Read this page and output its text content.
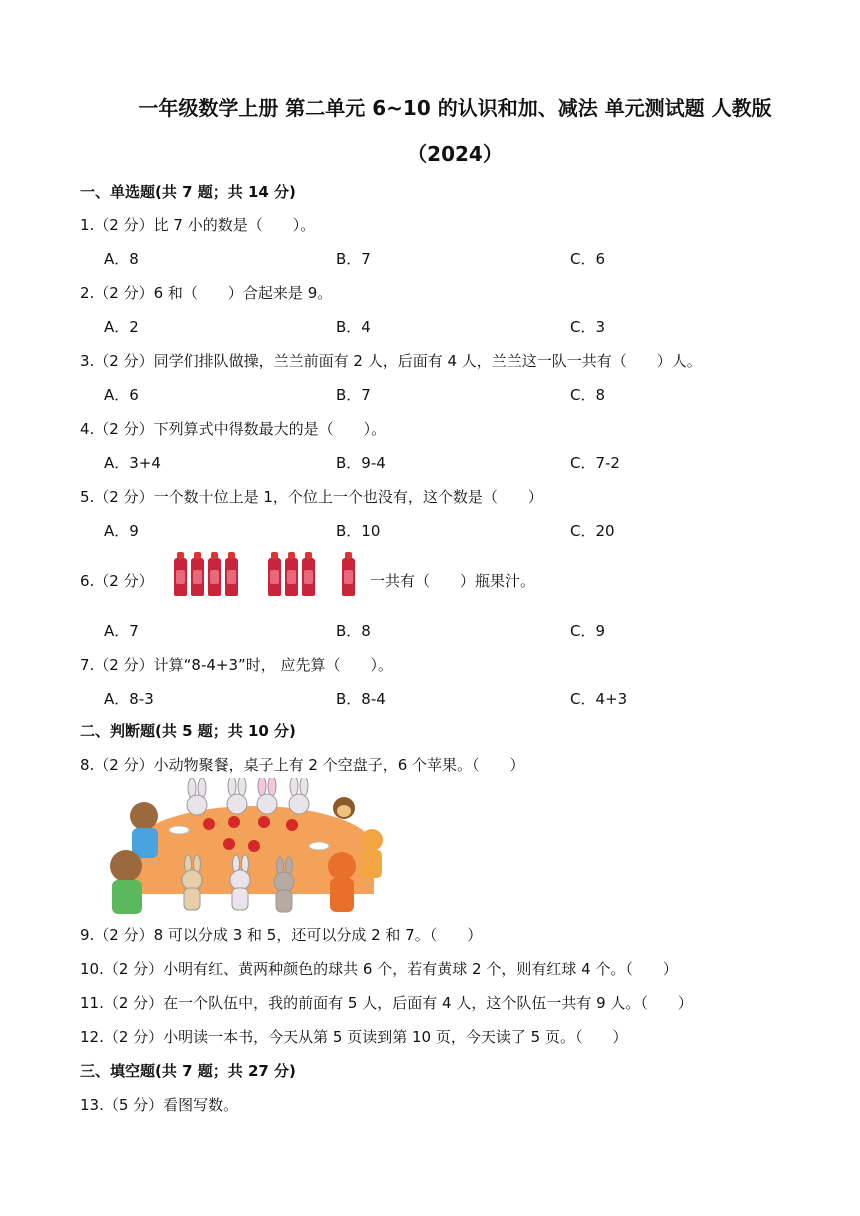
一年级数学上册 第二单元 6~10 的认识和加、减法 单元测试题 人教版
（2024）
一、单选题(共 7 题；共 14 分)
1.（2 分）比 7 小的数是（　　）。
A．8	B．7	C．6
2.（2 分）6 和（　　）合起来是 9。
A．2	B．4	C．3
3.（2 分）同学们排队做操，兰兰前面有 2 人，后面有 4 人，兰兰这一队一共有（　　）人。
A．6	B．7	C．8
4.（2 分）下列算式中得数最大的是（　　）。
A．3+4	B．9-4	C．7-2
5.（2 分）一个数十位上是 1，个位上一个也没有，这个数是（　　）
A．9	B．10	C．20
6.（2 分）	一共有（　　）瓶果汁。
A．7	B．8	C．9
7.（2 分）计算“8-4+3”时， 应先算（　　）。
A．8-3	B．8-4	C．4+3
二、判断题(共 5 题；共 10 分)
8.（2 分）小动物聚餐，桌子上有 2 个空盘子，6 个苹果。（　　）
9.（2 分）8 可以分成 3 和 5，还可以分成 2 和 7。（　　）
10.（2 分）小明有红、黄两种颜色的球共 6 个，若有黄球 2 个，则有红球 4 个。（　　）
11.（2 分）在一个队伍中，我的前面有 5 人，后面有 4 人，这个队伍一共有 9 人。（　　）
12.（2 分）小明读一本书，今天从第 5 页读到第 10 页，今天读了 5 页。（　　）
三、填空题(共 7 题；共 27 分)
13.（5 分）看图写数。
